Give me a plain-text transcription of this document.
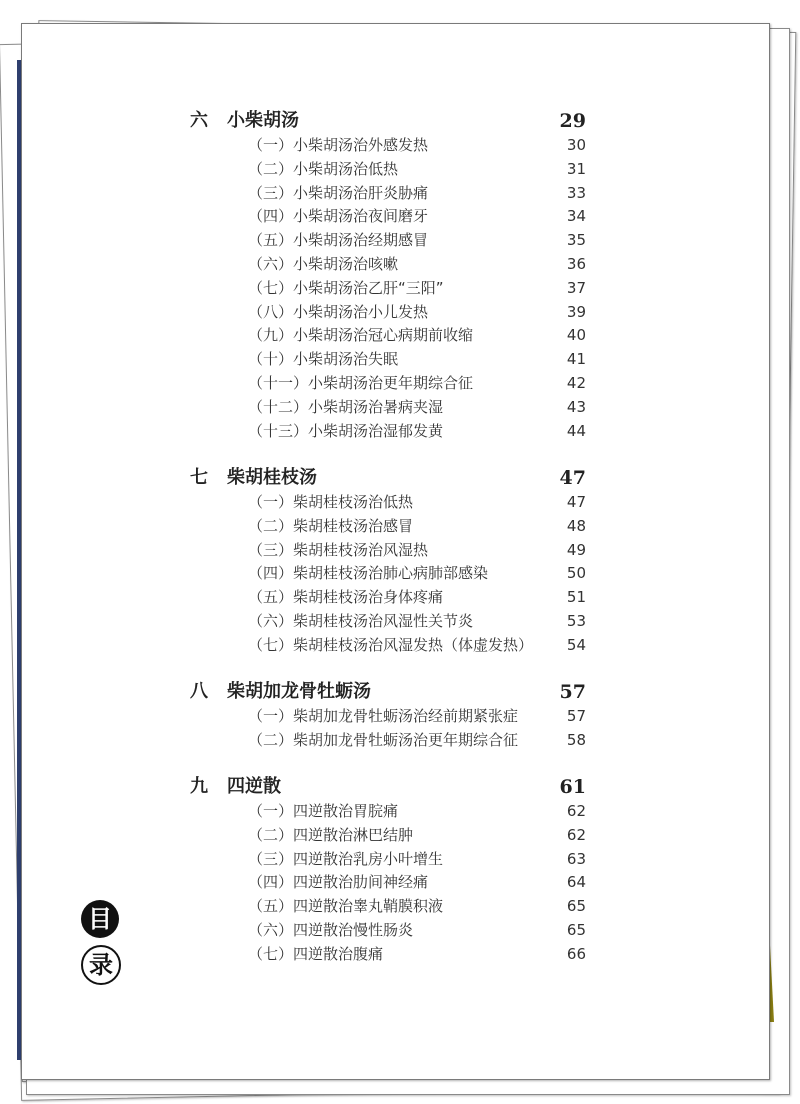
六 小柴胡汤	29
（一）小柴胡汤治外感发热	30
（二）小柴胡汤治低热	31
（三）小柴胡汤治肝炎胁痛	33
（四）小柴胡汤治夜间磨牙	34
（五）小柴胡汤治经期感冒	35
（六）小柴胡汤治咳嗽	36
（七）小柴胡汤治乙肝“三阳”	37
（八）小柴胡汤治小儿发热	39
（九）小柴胡汤治冠心病期前收缩	40
（十）小柴胡汤治失眠	41
（十一）小柴胡汤治更年期综合征	42
（十二）小柴胡汤治暑病夹湿	43
（十三）小柴胡汤治湿郁发黄	44
七 柴胡桂枝汤	47
（一）柴胡桂枝汤治低热	47
（二）柴胡桂枝汤治感冒	48
（三）柴胡桂枝汤治风湿热	49
（四）柴胡桂枝汤治肺心病肺部感染	50
（五）柴胡桂枝汤治身体疼痛	51
（六）柴胡桂枝汤治风湿性关节炎	53
（七）柴胡桂枝汤治风湿发热（体虚发热） 54
八 柴胡加龙骨牡蛎汤	57
（一）柴胡加龙骨牡蛎汤治经前期紧张症	57
（二）柴胡加龙骨牡蛎汤治更年期综合征	58
九 四逆散	61
（一）四逆散治胃脘痛	62
（二）四逆散治淋巴结肿	62
（三）四逆散治乳房小叶增生	63
（四）四逆散治肋间神经痛	64
（五）四逆散治睾丸鞘膜积液	65
（六）四逆散治慢性肠炎	65
（七）四逆散治腹痛	66
目
录
